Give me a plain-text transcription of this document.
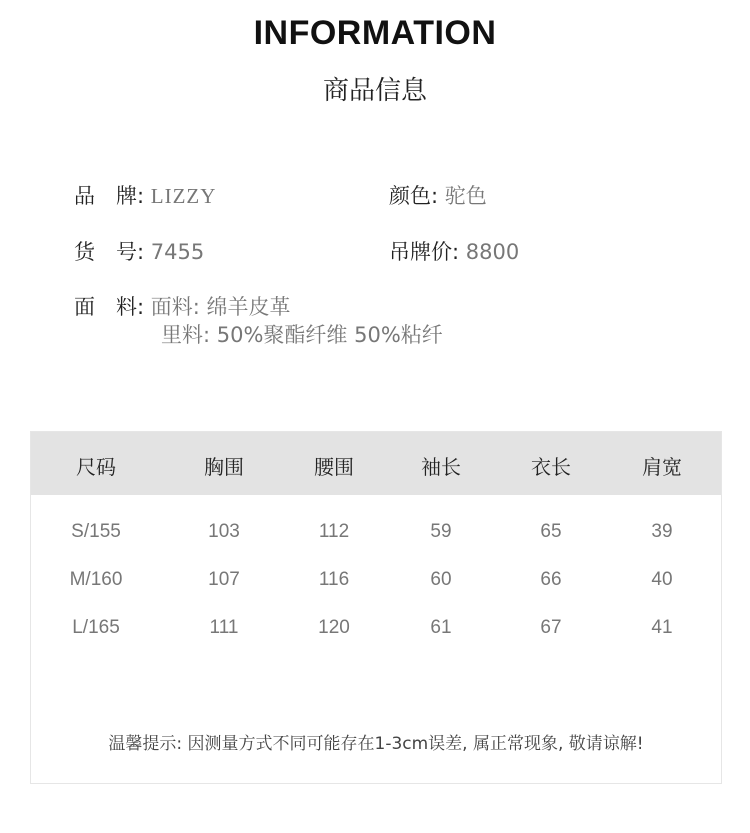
INFORMATION
商品信息
品　牌: LIZZY	颜色: 驼色
货　号: 7455	吊牌价: 8800
面　料: 面料: 绵羊皮革
里料: 50%聚酯纤维 50%粘纤
尺码	胸围	腰围	袖长	衣长	肩宽
S/155	103	112	59	65	39
M/160	107	116	60	66	40
L/165	111	120	61	67	41
温馨提示: 因测量方式不同可能存在1-3cm误差, 属正常现象, 敬请谅解!
